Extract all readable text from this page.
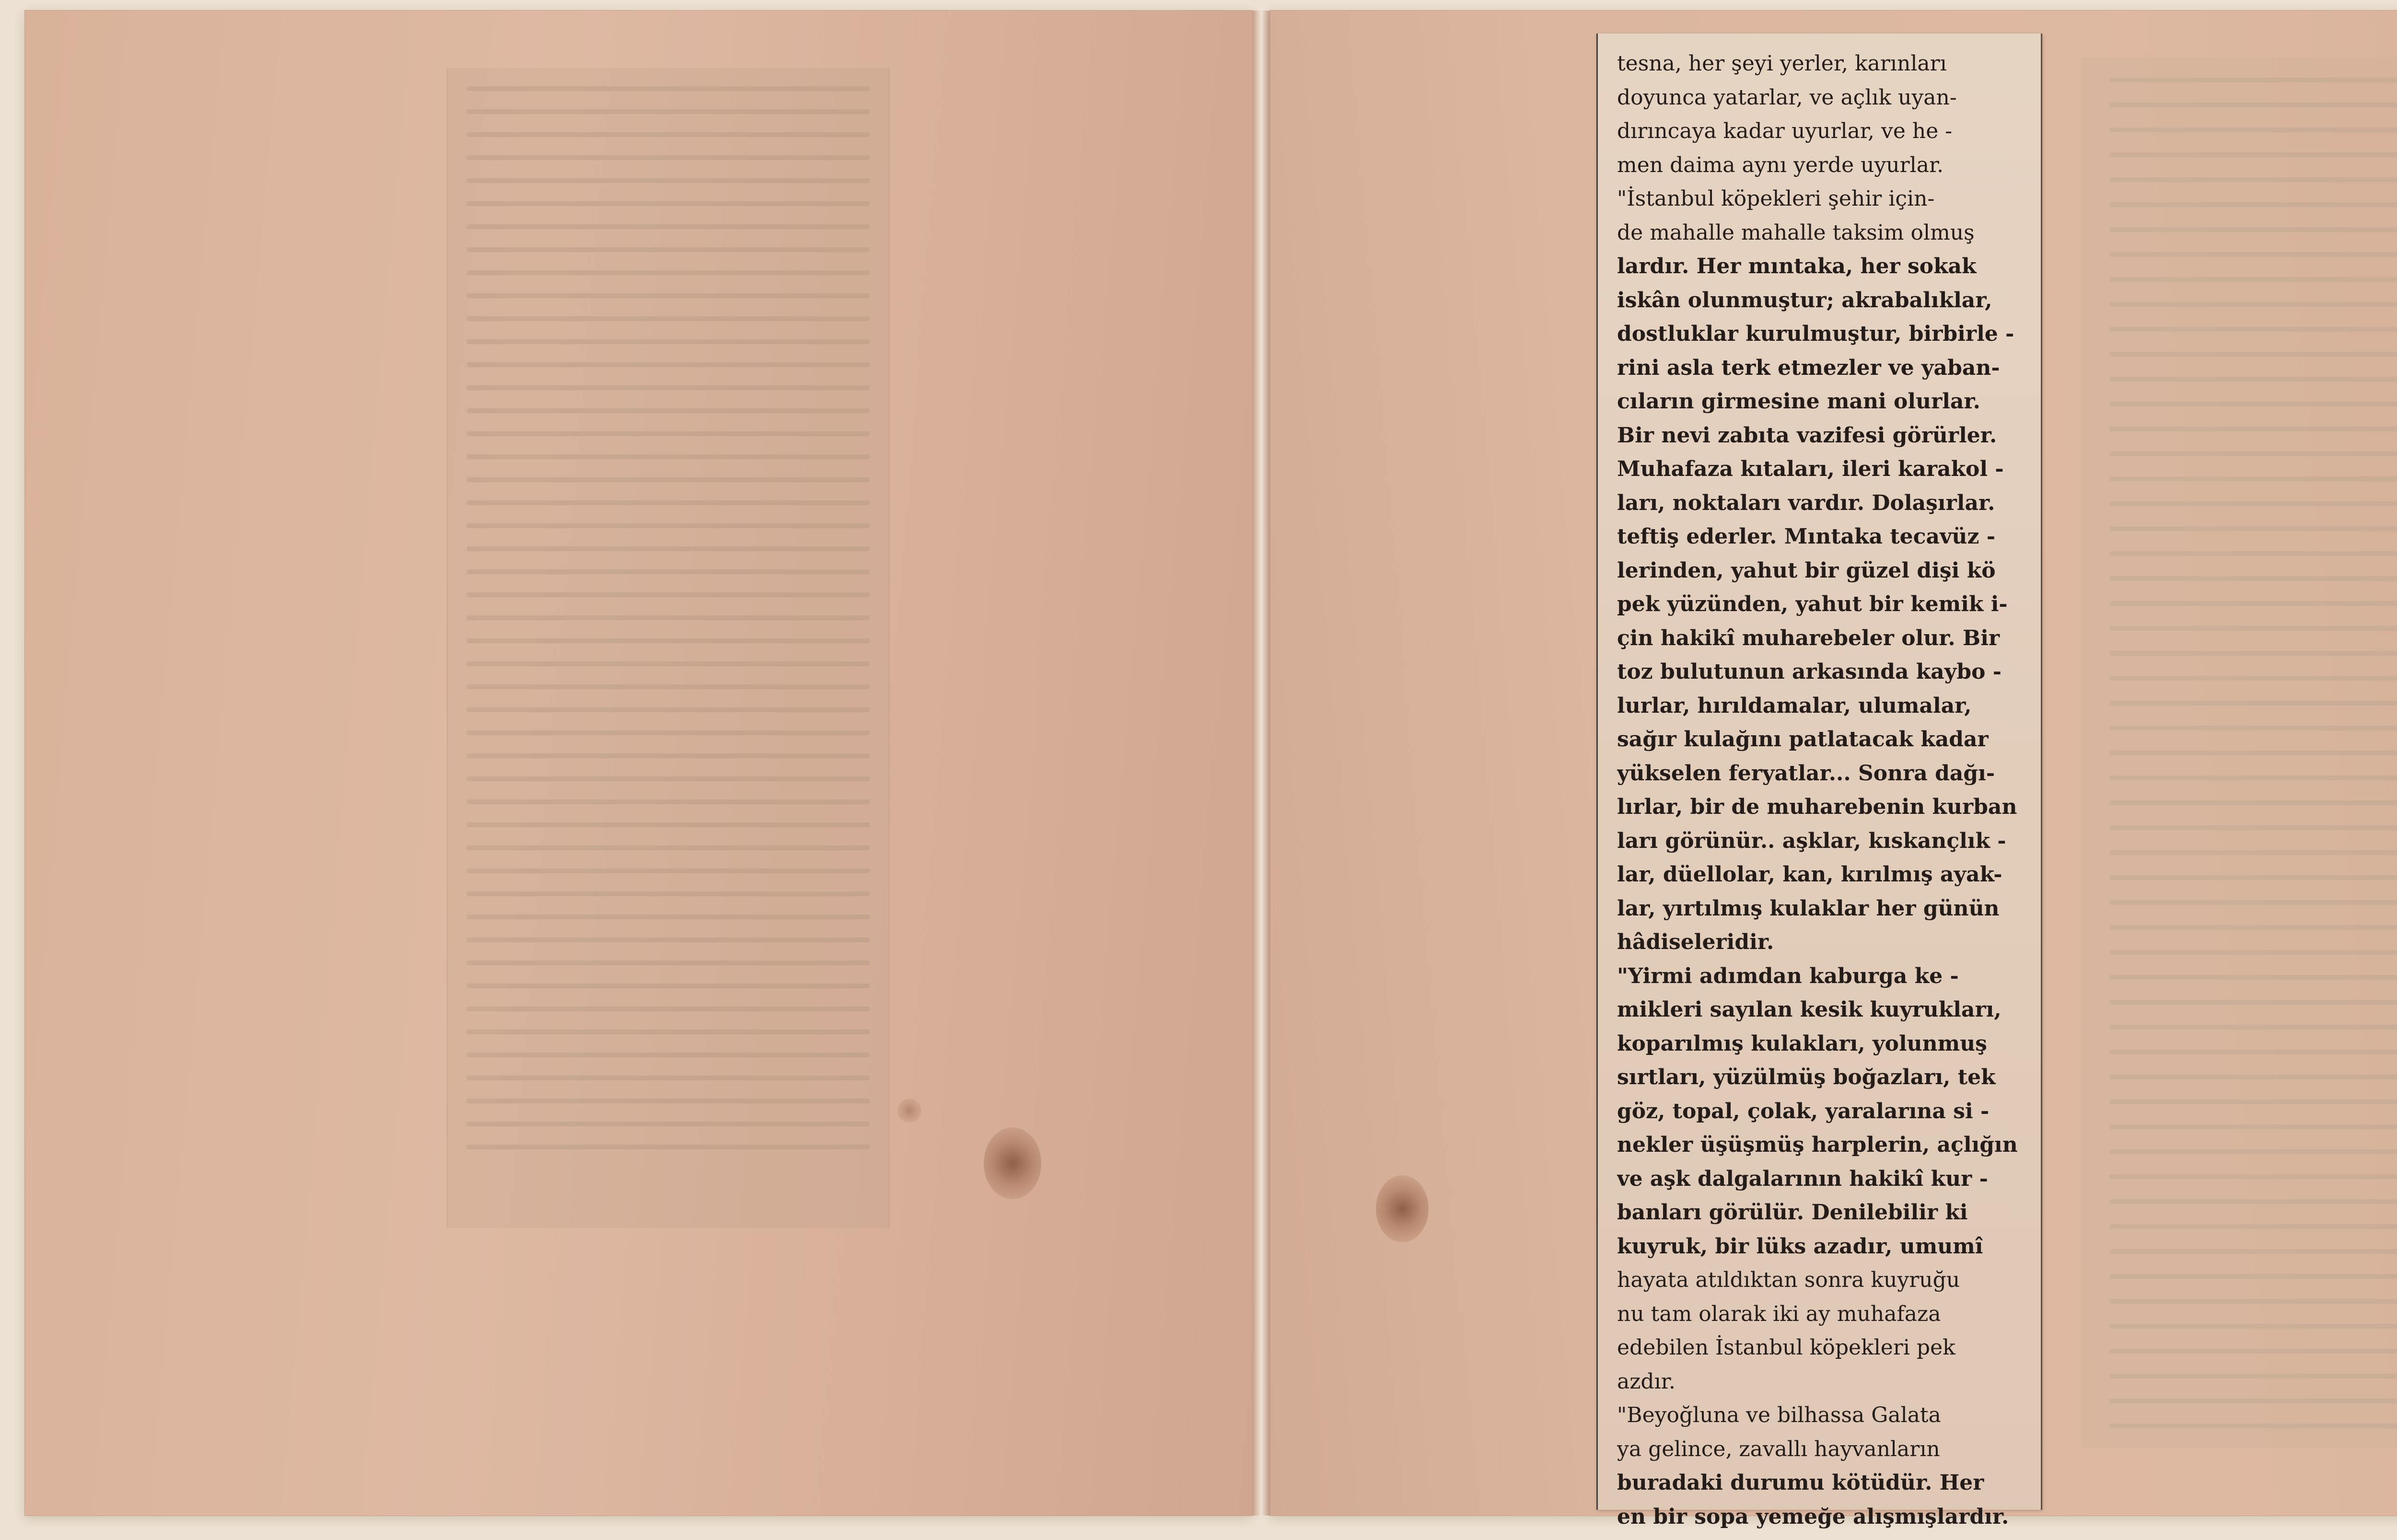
tesna, her şeyi yerler, karınları
doyunca yatarlar, ve açlık uyan-
dırıncaya kadar uyurlar, ve he -
men daima aynı yerde uyurlar.
"İstanbul köpekleri şehir için-
de mahalle mahalle taksim olmuş
lardır. Her mıntaka, her sokak
iskân olunmuştur; akrabalıklar,
dostluklar kurulmuştur, birbirle -
rini asla terk etmezler ve yaban-
cıların girmesine mani olurlar.
Bir nevi zabıta vazifesi görürler.
Muhafaza kıtaları, ileri karakol -
ları, noktaları vardır. Dolaşırlar.
teftiş ederler. Mıntaka tecavüz -
lerinden, yahut bir güzel dişi kö
pek yüzünden, yahut bir kemik i-
çin hakikî muharebeler olur. Bir
toz bulutunun arkasında kaybo -
lurlar, hırıldamalar, ulumalar,
sağır kulağını patlatacak kadar
yükselen feryatlar... Sonra dağı-
lırlar, bir de muharebenin kurban
ları görünür.. aşklar, kıskançlık -
lar, düellolar, kan, kırılmış ayak-
lar, yırtılmış kulaklar her günün
hâdiseleridir.
"Yirmi adımdan kaburga ke -
mikleri sayılan kesik kuyrukları,
koparılmış kulakları, yolunmuş
sırtları, yüzülmüş boğazları, tek
göz, topal, çolak, yaralarına si -
nekler üşüşmüş harplerin, açlığın
ve aşk dalgalarının hakikî kur -
banları görülür. Denilebilir ki
kuyruk, bir lüks azadır, umumî
hayata atıldıktan sonra kuyruğu
nu tam olarak iki ay muhafaza
edebilen İstanbul köpekleri pek
azdır.
"Beyoğluna ve bilhassa Galata
ya gelince, zavallı hayvanların
buradaki durumu kötüdür. Her
en bir sopa yemeğe alışmışlardır.
